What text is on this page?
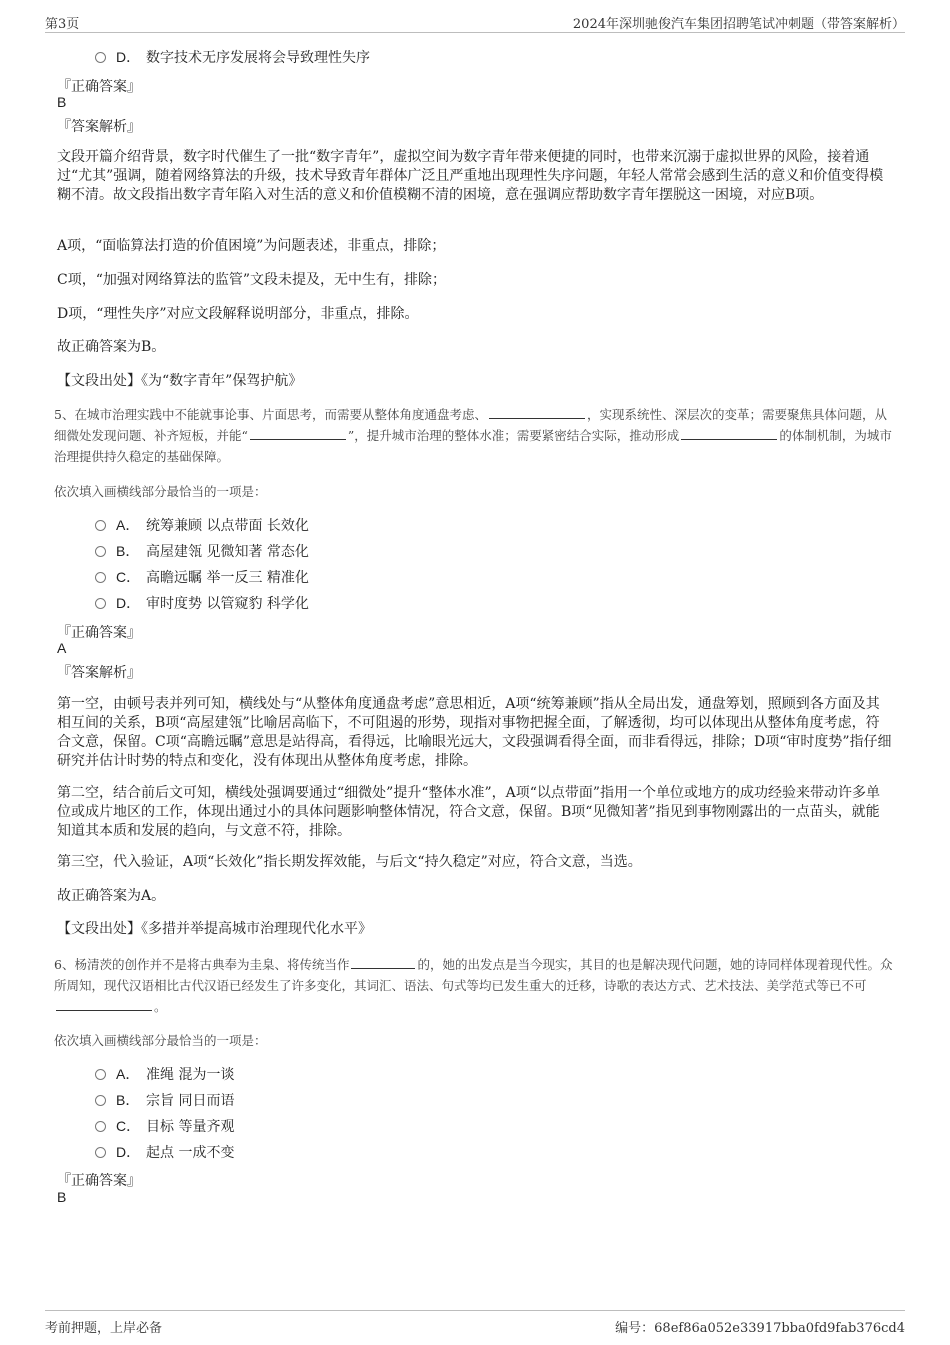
第3页	2024年深圳驰俊汽车集团招聘笔试冲刺题（带答案解析）
D． 数字技术无序发展将会导致理性失序
『正确答案』
B
『答案解析』
文段开篇介绍背景，数字时代催生了一批“数字青年”，虚拟空间为数字青年带来便捷的同时，也带来沉溺于虚拟世界的风险，接着通过“尤其”强调，随着网络算法的升级，技术导致青年群体广泛且严重地出现理性失序问题，年轻人常常会感到生活的意义和价值变得模糊不清。故文段指出数字青年陷入对生活的意义和价值模糊不清的困境，意在强调应帮助数字青年摆脱这一困境，对应B项。
A项，“面临算法打造的价值困境”为问题表述，非重点，排除；
C项，“加强对网络算法的监管”文段未提及，无中生有，排除；
D项，“理性失序”对应文段解释说明部分，非重点，排除。
故正确答案为B。
【文段出处】《为“数字青年”保驾护航》
5、在城市治理实践中不能就事论事、片面思考，而需要从整体角度通盘考虑、	，实现系统性、深层次的变革；需要聚焦具体问题，从细微处发现问题、补齐短板，并能“	”，提升城市治理的整体水准；需要紧密结合实际，推动形成	的体制机制，为城市治理提供持久稳定的基础保障。
依次填入画横线部分最恰当的一项是：
A． 统筹兼顾 以点带面 长效化
B． 高屋建瓴 见微知著 常态化
C． 高瞻远瞩 举一反三 精准化
D． 审时度势 以管窥豹 科学化
『正确答案』
A
『答案解析』
第一空，由顿号表并列可知，横线处与“从整体角度通盘考虑”意思相近，A项“统筹兼顾”指从全局出发，通盘筹划，照顾到各方面及其相互间的关系，B项“高屋建瓴”比喻居高临下，不可阻遏的形势，现指对事物把握全面，了解透彻，均可以体现出从整体角度考虑，符合文意，保留。C项“高瞻远瞩”意思是站得高，看得远，比喻眼光远大，文段强调看得全面，而非看得远，排除；D项“审时度势”指仔细研究并估计时势的特点和变化，没有体现出从整体角度考虑，排除。
第二空，结合前后文可知，横线处强调要通过“细微处”提升“整体水准”，A项“以点带面”指用一个单位或地方的成功经验来带动许多单位或成片地区的工作，体现出通过小的具体问题影响整体情况，符合文意，保留。B项“见微知著”指见到事物刚露出的一点苗头，就能知道其本质和发展的趋向，与文意不符，排除。
第三空，代入验证，A项“长效化”指长期发挥效能，与后文“持久稳定”对应，符合文意，当选。
故正确答案为A。
【文段出处】《多措并举提高城市治理现代化水平》
6、杨清茨的创作并不是将古典奉为圭臬、将传统当作	的，她的出发点是当今现实，其目的也是解决现代问题，她的诗同样体现着现代性。众所周知，现代汉语相比古代汉语已经发生了许多变化，其词汇、语法、句式等均已发生重大的迁移，诗歌的表达方式、艺术技法、美学范式等已不可。
依次填入画横线部分最恰当的一项是：
A． 准绳 混为一谈
B． 宗旨 同日而语
C． 目标 等量齐观
D． 起点 一成不变
『正确答案』
B
考前押题，上岸必备	编号：68ef86a052e33917bba0fd9fab376cd4
